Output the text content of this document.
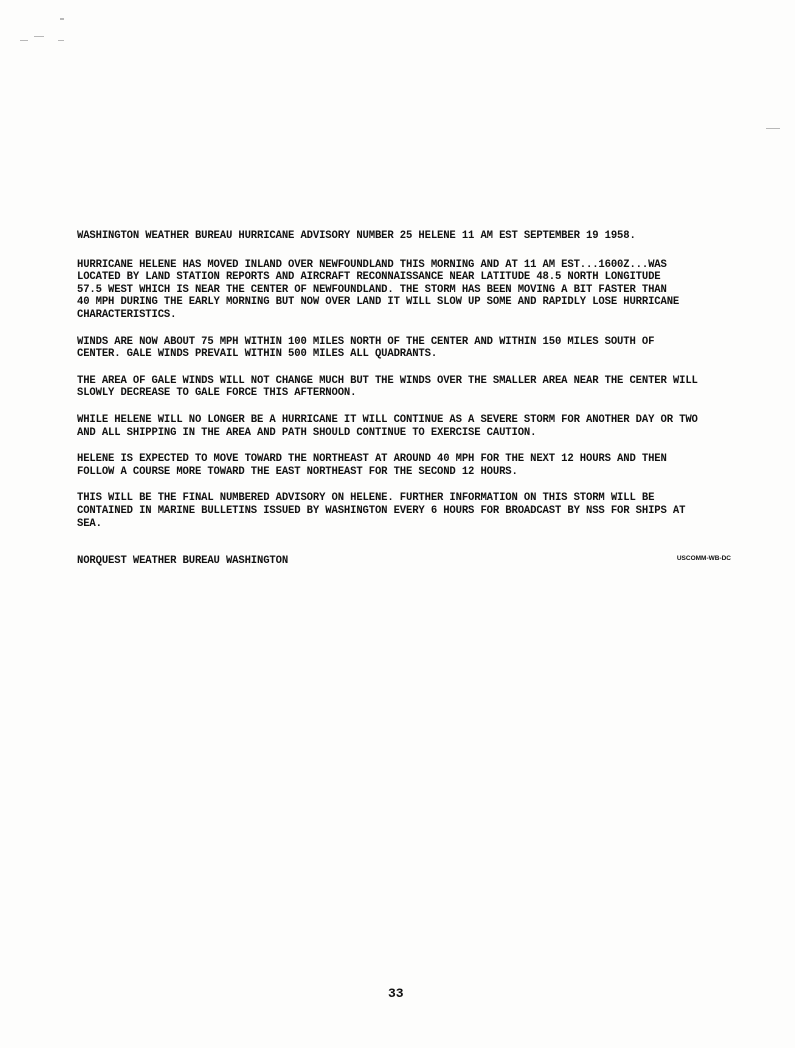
WASHINGTON WEATHER BUREAU HURRICANE ADVISORY NUMBER 25 HELENE 11 AM EST SEPTEMBER 19 1958.

HURRICANE HELENE HAS MOVED INLAND OVER NEWFOUNDLAND THIS MORNING AND AT 11 AM EST...1600Z...WAS
LOCATED BY LAND STATION REPORTS AND AIRCRAFT RECONNAISSANCE NEAR LATITUDE 48.5 NORTH LONGITUDE
57.5 WEST WHICH IS NEAR THE CENTER OF NEWFOUNDLAND. THE STORM HAS BEEN MOVING A BIT FASTER THAN
40 MPH DURING THE EARLY MORNING BUT NOW OVER LAND IT WILL SLOW UP SOME AND RAPIDLY LOSE HURRICANE
CHARACTERISTICS.

WINDS ARE NOW ABOUT 75 MPH WITHIN 100 MILES NORTH OF THE CENTER AND WITHIN 150 MILES SOUTH OF
CENTER. GALE WINDS PREVAIL WITHIN 500 MILES ALL QUADRANTS.

THE AREA OF GALE WINDS WILL NOT CHANGE MUCH BUT THE WINDS OVER THE SMALLER AREA NEAR THE CENTER WILL
SLOWLY DECREASE TO GALE FORCE THIS AFTERNOON.

WHILE HELENE WILL NO LONGER BE A HURRICANE IT WILL CONTINUE AS A SEVERE STORM FOR ANOTHER DAY OR TWO
AND ALL SHIPPING IN THE AREA AND PATH SHOULD CONTINUE TO EXERCISE CAUTION.

HELENE IS EXPECTED TO MOVE TOWARD THE NORTHEAST AT AROUND 40 MPH FOR THE NEXT 12 HOURS AND THEN
FOLLOW A COURSE MORE TOWARD THE EAST NORTHEAST FOR THE SECOND 12 HOURS.

THIS WILL BE THE FINAL NUMBERED ADVISORY ON HELENE. FURTHER INFORMATION ON THIS STORM WILL BE
CONTAINED IN MARINE BULLETINS ISSUED BY WASHINGTON EVERY 6 HOURS FOR BROADCAST BY NSS FOR SHIPS AT
SEA.

NORQUEST WEATHER BUREAU WASHINGTON	USCOMM-WB-DC
33
